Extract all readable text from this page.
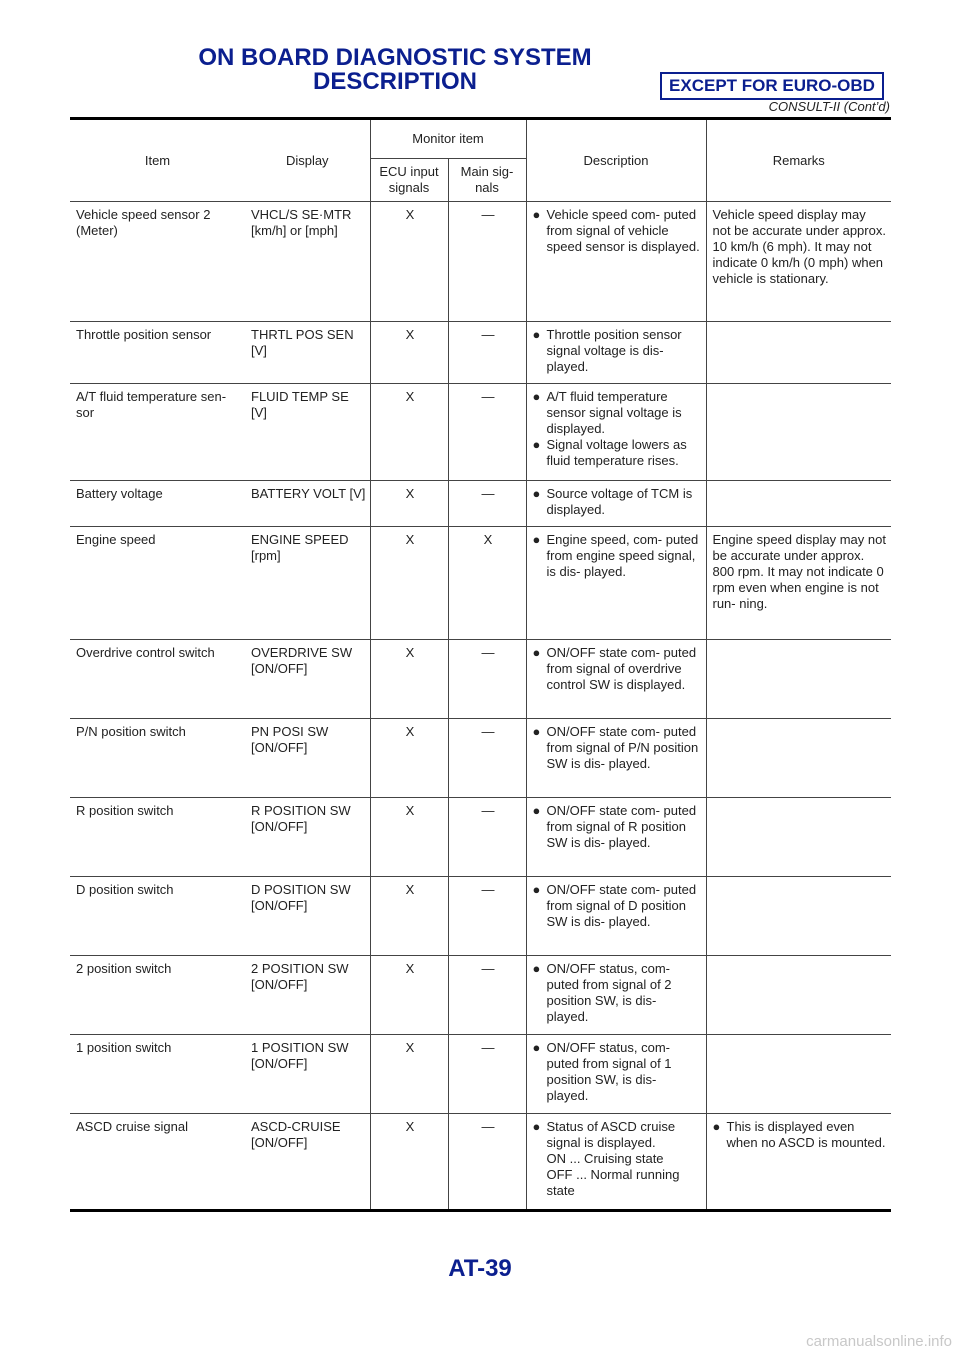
ON BOARD DIAGNOSTIC SYSTEM
DESCRIPTION	EXCEPT FOR EURO-OBD
CONSULT-II (Cont’d)
Item	Display	Monitor item		Description	Remarks
		ECU input signals	Main sig- nals		
Vehicle speed sensor 2 (Meter)	VHCL/S SE·MTR [km/h] or [mph]	X	—	● Vehicle speed com- puted from signal of vehicle speed sensor is displayed.	Vehicle speed display may not be accurate under approx. 10 km/h (6 mph). It may not indicate 0 km/h (0 mph) when vehicle is stationary.

Throttle position sensor	THRTL POS SEN [V]	X	—	● Throttle position sensor signal voltage is dis- played.	

A/T fluid temperature sen- sor	FLUID TEMP SE [V]	X	—	● A/T fluid temperature sensor signal voltage is displayed.
● Signal voltage lowers as fluid temperature rises.	

Battery voltage	BATTERY VOLT [V]	X	—	● Source voltage of TCM is displayed.	

Engine speed	ENGINE SPEED [rpm]	X	X	● Engine speed, com- puted from engine speed signal, is dis- played.	Engine speed display may not be accurate under approx. 800 rpm. It may not indicate 0 rpm even when engine is not run- ning.

Overdrive control switch	OVERDRIVE SW [ON/OFF]	X	—	● ON/OFF state com- puted from signal of overdrive control SW is displayed.	

P/N position switch	PN POSI SW [ON/OFF]	X	—	● ON/OFF state com- puted from signal of P/N position SW is dis- played.	

R position switch	R POSITION SW [ON/OFF]	X	—	● ON/OFF state com- puted from signal of R position SW is dis- played.	

D position switch	D POSITION SW [ON/OFF]	X	—	● ON/OFF state com- puted from signal of D position SW is dis- played.	

2 position switch	2 POSITION SW [ON/OFF]	X	—	● ON/OFF status, com- puted from signal of 2 position SW, is dis- played.	

1 position switch	1 POSITION SW [ON/OFF]	X	—	● ON/OFF status, com- puted from signal of 1 position SW, is dis- played.	

ASCD cruise signal	ASCD-CRUISE [ON/OFF]	X	—	● Status of ASCD cruise signal is displayed.
ON ... Cruising state
OFF ... Normal running state	● This is displayed even when no ASCD is mounted.
AT-39
carmanualsonline.info
